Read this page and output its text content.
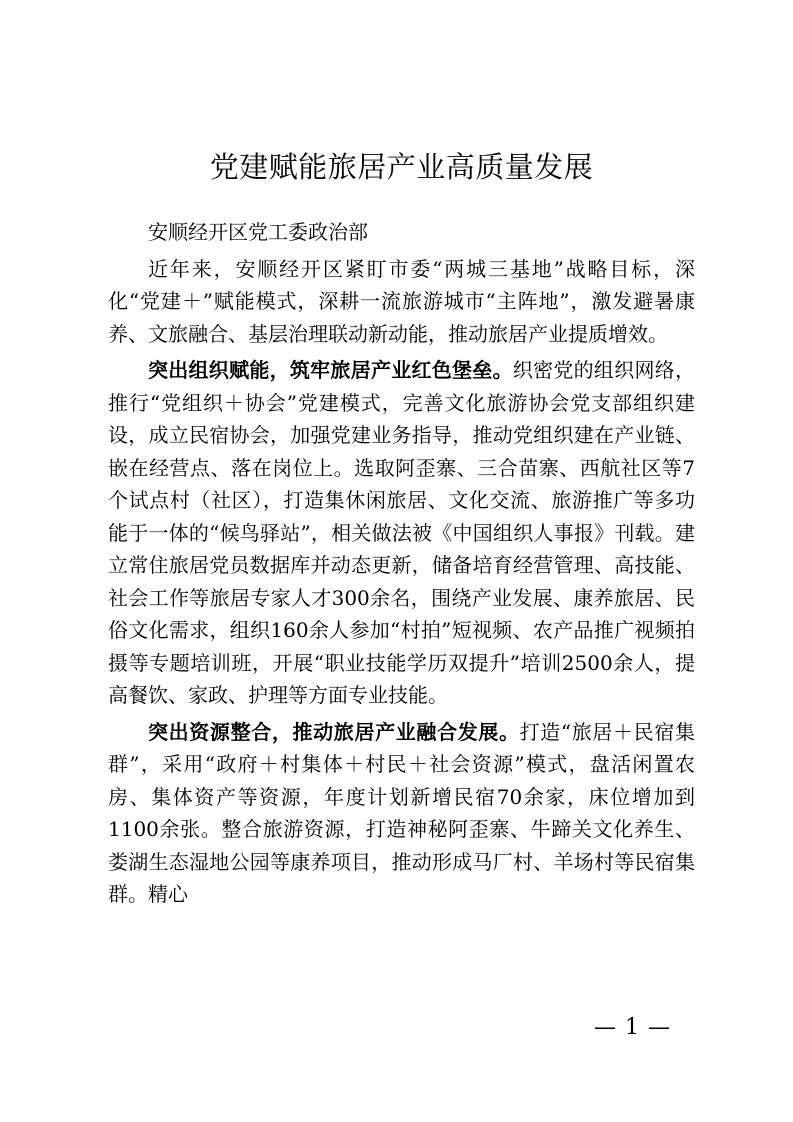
党建赋能旅居产业高质量发展

安顺经开区党工委政治部

近年来，安顺经开区紧盯市委“两城三基地”战略目标，深化“党建＋”赋能模式，深耕一流旅游城市“主阵地”，激发避暑康养、文旅融合、基层治理联动新动能，推动旅居产业提质增效。

突出组织赋能，筑牢旅居产业红色堡垒。织密党的组织网络，推行“党组织＋协会”党建模式，完善文化旅游协会党支部组织建设，成立民宿协会，加强党建业务指导，推动党组织建在产业链、嵌在经营点、落在岗位上。选取阿歪寨、三合苗寨、西航社区等7个试点村（社区），打造集休闲旅居、文化交流、旅游推广等多功能于一体的“候鸟驿站”，相关做法被《中国组织人事报》刊载。建立常住旅居党员数据库并动态更新，储备培育经营管理、高技能、社会工作等旅居专家人才300余名，围绕产业发展、康养旅居、民俗文化需求，组织160余人参加“村拍”短视频、农产品推广视频拍摄等专题培训班，开展“职业技能学历双提升”培训2500余人，提高餐饮、家政、护理等方面专业技能。

突出资源整合，推动旅居产业融合发展。打造“旅居＋民宿集群”，采用“政府＋村集体＋村民＋社会资源”模式，盘活闲置农房、集体资产等资源，年度计划新增民宿70余家，床位增加到1100余张。整合旅游资源，打造神秘阿歪寨、牛蹄关文化养生、娄湖生态湿地公园等康养项目，推动形成马厂村、羊场村等民宿集群。精心

— 1 —
